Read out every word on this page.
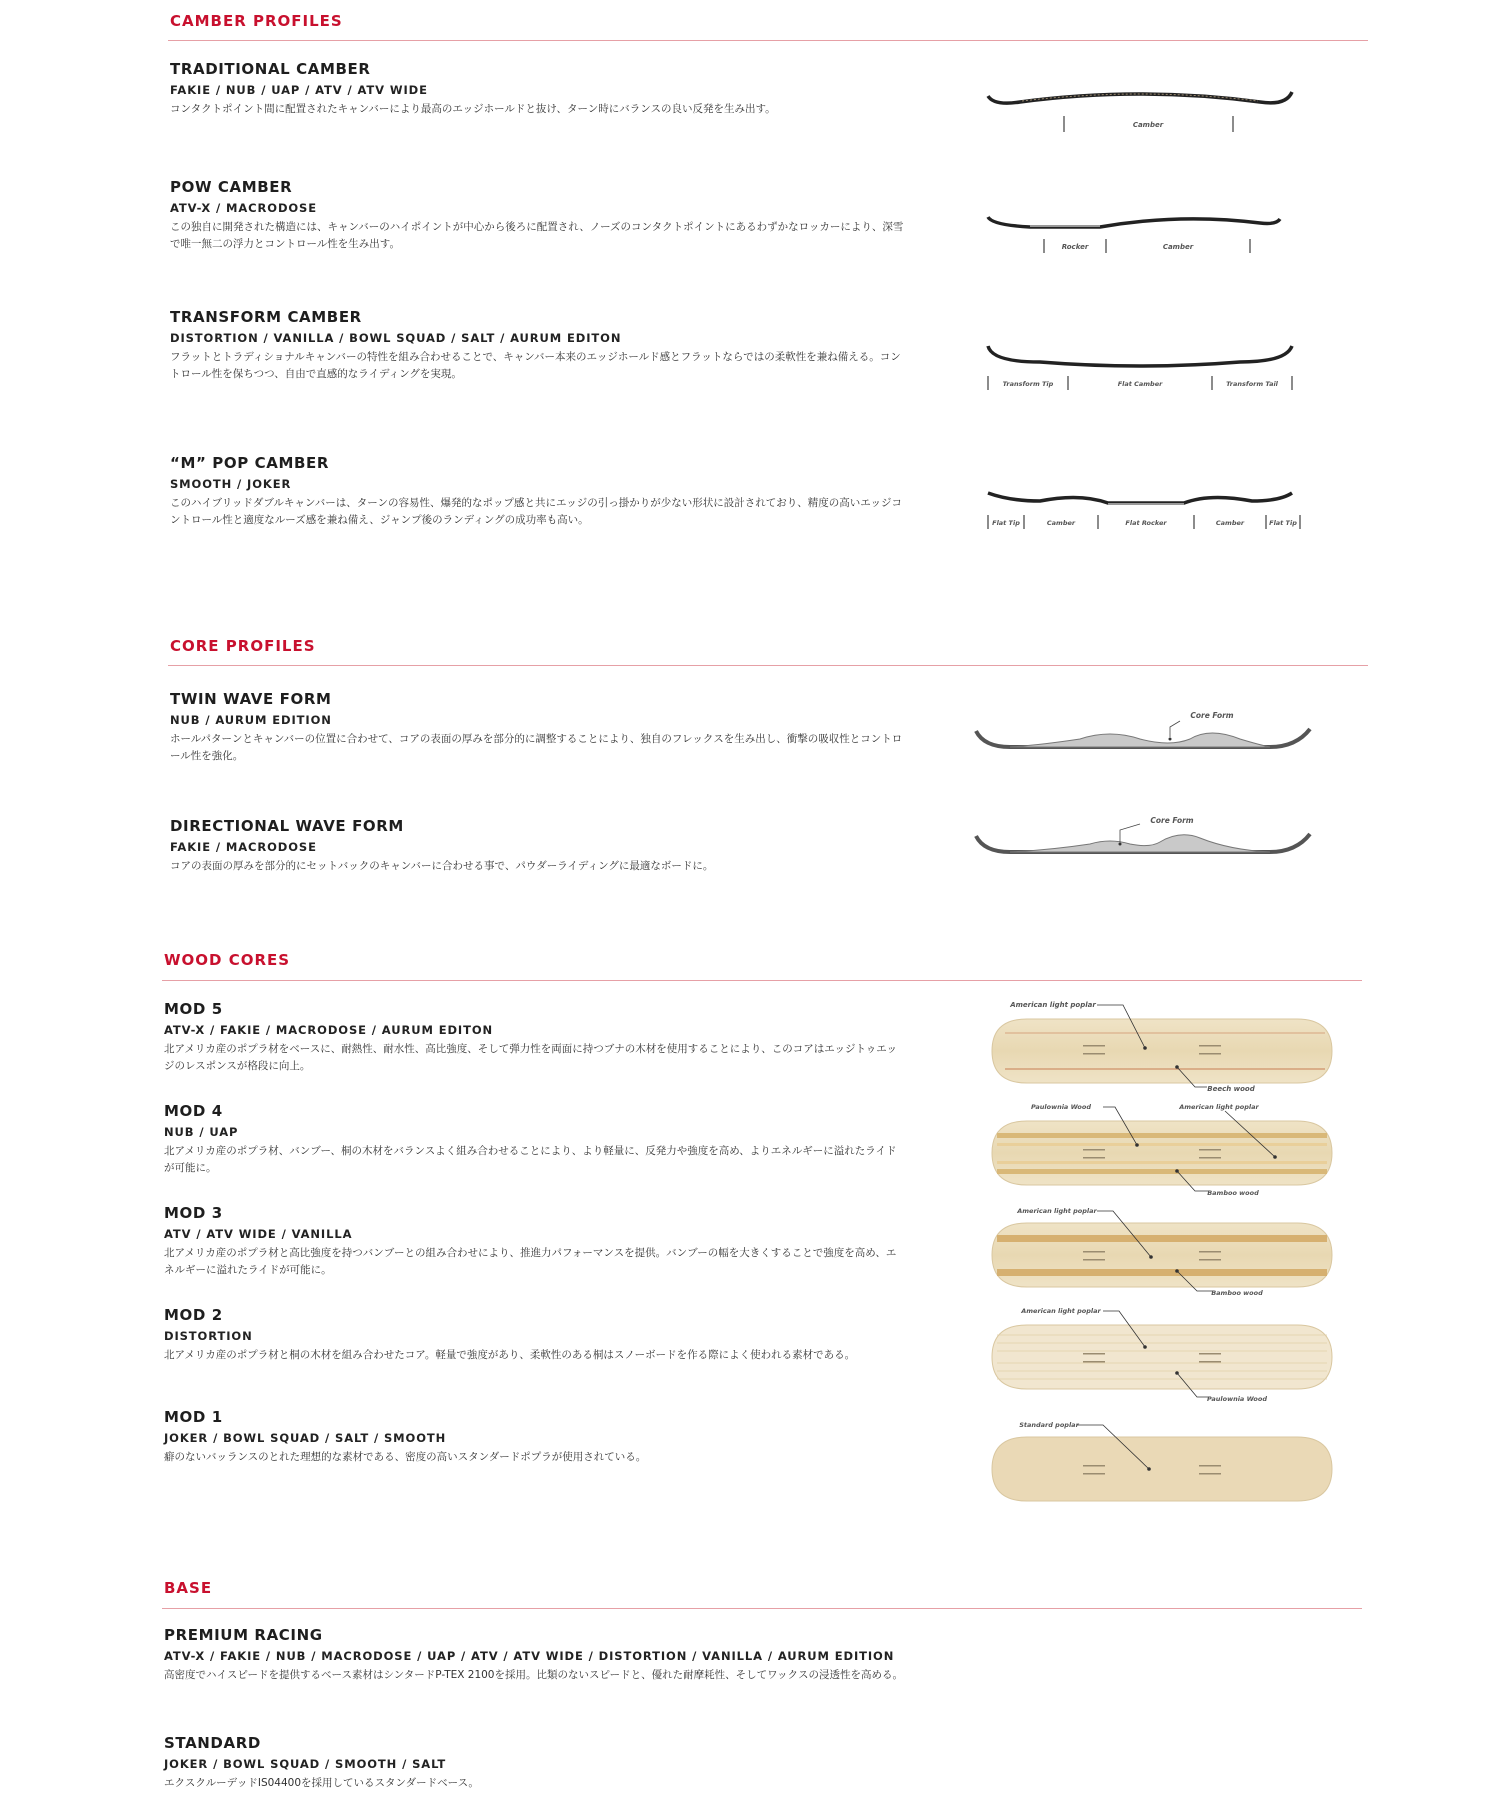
CAMBER PROFILES
TRADITIONAL CAMBER
FAKIE / NUB / UAP / ATV / ATV WIDE
コンタクトポイント間に配置されたキャンバーにより最高のエッジホールドと抜け、ターン時にバランスの良い反発を生み出す。
Camber
POW CAMBER
ATV-X / MACRODOSE
この独自に開発された構造には、キャンバーのハイポイントが中心から後ろに配置され、ノーズのコンタクトポイントにあるわずかなロッカーにより、深雪で唯一無二の浮力とコントロール性を生み出す。	Rocker	Camber
TRANSFORM CAMBER
DISTORTION / VANILLA / BOWL SQUAD / SALT / AURUM EDITON
フラットとトラディショナルキャンバーの特性を組み合わせることで、キャンバー本来のエッジホールド感とフラットならではの柔軟性を兼ね備える。コントロール性を保ちつつ、自由で直感的なライディングを実現。
Transform Tip	Flat Camber	Transform Tail
“M” POP CAMBER
SMOOTH / JOKER
このハイブリッドダブルキャンバーは、ターンの容易性、爆発的なポップ感と共にエッジの引っ掛かりが少ない形状に設計されており、精度の高いエッジコントロール性と適度なルーズ感を兼ね備え、ジャンプ後のランディングの成功率も高い。	Flat Tip	Camber	Flat Rocker	Camber	Flat Tip
CORE PROFILES
TWIN WAVE FORM
NUB / AURUM EDITION
ホールパターンとキャンバーの位置に合わせて、コアの表面の厚みを部分的に調整することにより、独自のフレックスを生み出し、衝撃の吸収性とコントロール性を強化。
Core Form
DIRECTIONAL WAVE FORM
FAKIE / MACRODOSE
コアの表面の厚みを部分的にセットバックのキャンバーに合わせる事で、パウダーライディングに最適なボードに。
Core Form
WOOD CORES
MOD 5
ATV-X / FAKIE / MACRODOSE / AURUM EDITON
北アメリカ産のポプラ材をベースに、耐熱性、耐水性、高比強度、そして弾力性を両面に持つブナの木材を使用することにより、このコアはエッジトゥエッジのレスポンスが格段に向上。
MOD 4
NUB / UAP
北アメリカ産のポプラ材、バンブー、桐の木材をバランスよく組み合わせることにより、より軽量に、反発力や強度を高め、よりエネルギーに溢れたライドが可能に。
MOD 3
ATV / ATV WIDE / VANILLA
北アメリカ産のポプラ材と高比強度を持つバンブーとの組み合わせにより、推進力パフォーマンスを提供。バンブーの幅を大きくすることで強度を高め、エネルギーに溢れたライドが可能に。
MOD 2
DISTORTION
北アメリカ産のポプラ材と桐の木材を組み合わせたコア。軽量で強度があり、柔軟性のある桐はスノーボードを作る際によく使われる素材である。
MOD 1
JOKER / BOWL SQUAD / SALT / SMOOTH
癖のないバッランスのとれた理想的な素材である、密度の高いスタンダードポプラが使用されている。
American light poplar
Beech wood
Paulownia Wood	American light poplar
Bamboo wood
American light poplar
Bamboo wood
American light poplar
Paulownia Wood
Standard poplar
BASE
PREMIUM RACING
ATV-X / FAKIE / NUB / MACRODOSE / UAP / ATV / ATV WIDE / DISTORTION / VANILLA / AURUM EDITION
高密度でハイスピードを提供するベース素材はシンタードP-TEX 2100を採用。比類のないスピードと、優れた耐摩耗性、そしてワックスの浸透性を高める。
STANDARD
JOKER / BOWL SQUAD / SMOOTH / SALT
エクスクルーデッドIS04400を採用しているスタンダードベース。
